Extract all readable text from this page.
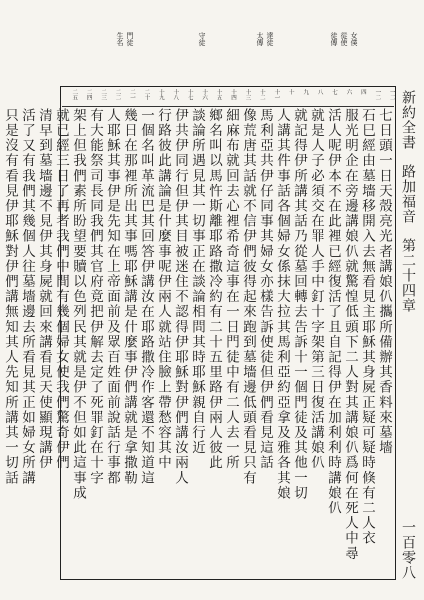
女僕
從使
徒傳
達徒
太傳
守徒
門徒
生名
新約全書
路加福音
第二十四章
一百零八
一二
一二
四
六
七
八
九
十
十一
十二
十三
十四
十五
十六
十七
十八
十九
二十
二一
二二
二三
二四
二五
七日頭一日天殼亮光者講娘仈攜所備辦其香料來墓墻
石巳經由墓墻移開入去無看見主耶穌其身屍正疑可疑時倏有二人衣
服光明企在旁邊講娘仈就驚惶低頭下二人對其講娘仈爲何在死人中尋
活人呢伊本不在此裡已經復活了且自記得伊在加利利時講娘仈
就是人子必須交在罪人手中釘十字架第三日復活講娘仈
就記得伊所講其話乃從墓回轉去告訴十一個門徒及其他一切
人講其件事話各個婦女係抹大拉其馬利亞約亞拿及雅各其娘
馬利亞共伊仔同事其婦女亦樣告訴使徒但伊們看見這話
像荒唐其話就不信伊們彼得起來跑到墓墻邊低頭看見只有
細麻布就回去心裡希奇這事在一日門徒中有二人去一所
鄉名叫以馬忤斯離耶路撒冷約有二十五里路伊兩人彼此
談論所遇見其一切事正在談論相問其時耶穌親自行近
伊共伊同行但伊其目被迷住不認得伊耶穌對伊們講汝兩人
行路彼此講論是什麼事呢伊兩人就站住臉上帶愁容其中
一個名叫革流巴其回答伊講汝在耶路撒冷作客還不知道這
幾日在那裡所出其事嗎耶穌講是什麼事伊們講就是拿撒勒
人耶穌其事伊是先知在上帝面前及眾百姓面前說話行事都
有大能祭司長同我們其官府竟把伊解去定了死罪釘在十字
架上但我們素所盼望要贖以色列民其就是伊不但如此這事成
就已經三日了再者我們中間有幾個婦女使我們驚奇伊們
清早到墓墻邊不見伊其身屍就回來講看見天使顯現講伊
活了又有我們其幾個人往墓墻邊去所看見其正如婦女所講
只是沒有看見伊耶穌對伊們講無知其人先知所講其一切話
